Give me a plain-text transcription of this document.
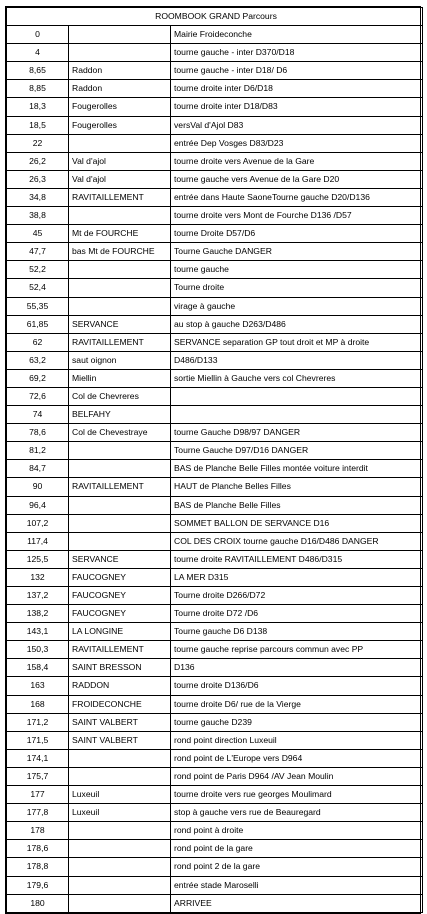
ROOMBOOK GRAND Parcours		
0		Mairie Froideconche
4		tourne gauche - inter D370/D18
8,65	Raddon	tourne gauche - inter D18/ D6
8,85	Raddon	tourne droite inter D6/D18
18,3	Fougerolles	tourne droite inter D18/D83
18,5	Fougerolles	versVal d'Ajol D83
22		entrée Dep Vosges D83/D23
26,2	Val d'ajol	tourne droite vers Avenue de la Gare
26,3	Val d'ajol	tourne gauche vers Avenue de la Gare D20
34,8	RAVITAILLEMENT	entrée dans Haute SaoneTourne gauche D20/D136
38,8		tourne droite vers Mont de Fourche D136 /D57
45	Mt de FOURCHE	tourne Droite D57/D6
47,7	bas Mt de FOURCHE	Tourne Gauche DANGER
52,2		tourne gauche
52,4		Tourne droite
55,35		virage à gauche
61,85	SERVANCE	au stop à gauche D263/D486
62	RAVITAILLEMENT	SERVANCE separation GP tout droit et MP à droite
63,2	saut oignon	D486/D133
69,2	Miellin	sortie Miellin à Gauche vers col Chevreres
72,6	Col de Chevreres	
74	BELFAHY	
78,6	Col de Chevestraye	tourne Gauche D98/97 DANGER
81,2		Tourne Gauche D97/D16 DANGER
84,7		BAS de Planche Belle Filles montée voiture interdit
90	RAVITAILLEMENT	HAUT de Planche Belles Filles
96,4		BAS de Planche Belle Filles
107,2		SOMMET BALLON DE SERVANCE D16
117,4		COL DES CROIX tourne gauche D16/D486 DANGER
125,5	SERVANCE	tourne droite RAVITAILLEMENT D486/D315
132	FAUCOGNEY	LA MER D315
137,2	FAUCOGNEY	Tourne droite D266/D72
138,2	FAUCOGNEY	Tourne droite D72 /D6
143,1	LA LONGINE	Tourne gauche D6 D138
150,3	RAVITAILLEMENT	tourne gauche reprise parcours commun avec PP
158,4	SAINT BRESSON	D136
163	RADDON	tourne droite D136/D6
168	FROIDECONCHE	tourne droite D6/ rue de la Vierge
171,2	SAINT VALBERT	tourne gauche D239
171,5	SAINT VALBERT	rond point direction Luxeuil
174,1		rond point de L'Europe vers D964
175,7		rond point de Paris D964 /AV Jean Moulin
177	Luxeuil	tourne droite vers rue georges Moulimard
177,8	Luxeuil	stop à gauche vers rue de Beauregard
178		rond point à droite
178,6		rond point de la gare
178,8		rond point 2 de la gare
179,6		entrée stade Maroselli
180		ARRIVEE
